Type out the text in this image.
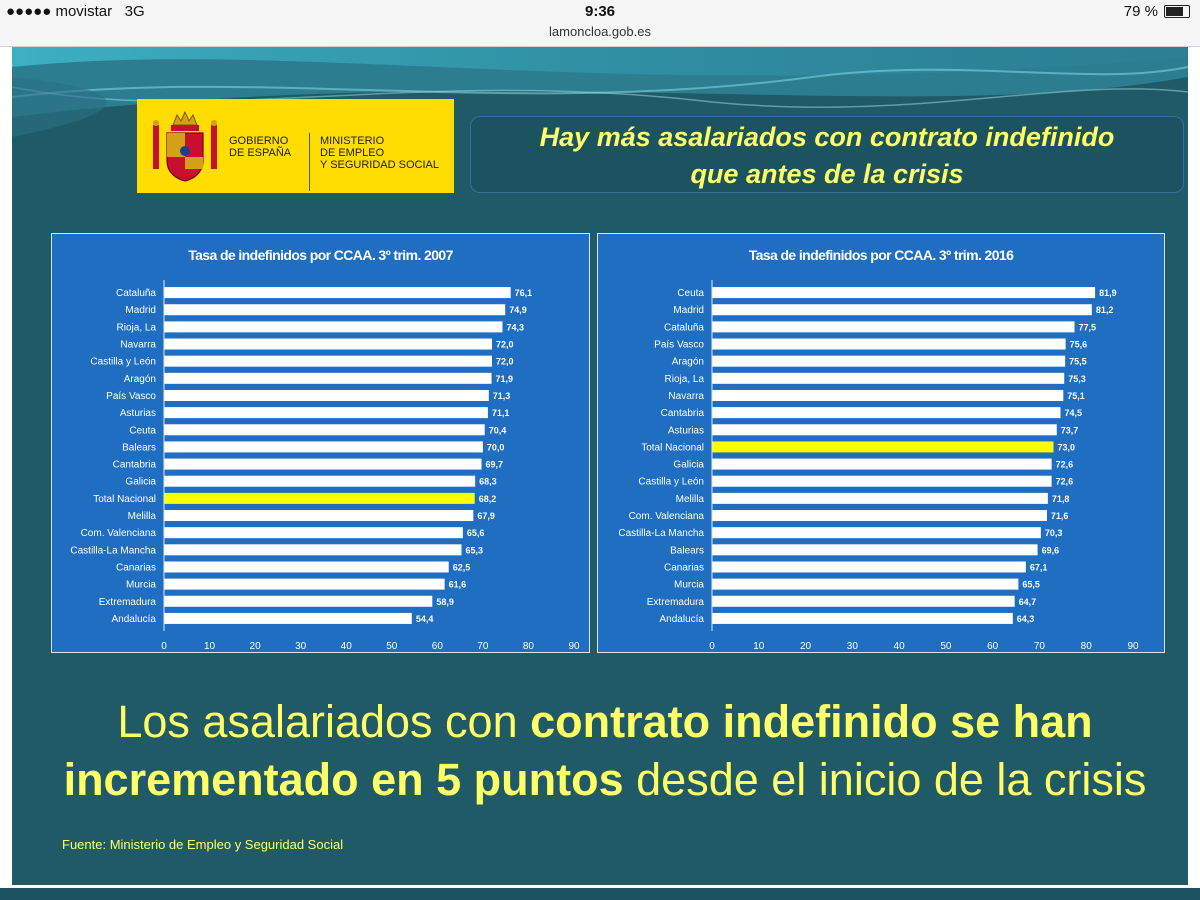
●●●●● movistar 3G	9:36
lamoncloa.gob.es
79 %
GOBIERNO
DE ESPAÑA
MINISTERIO
DE EMPLEO
Y SEGURIDAD SOCIAL
Hay más asalariados con contrato indefinido
que antes de la crisis
Tasa de indefinidos por CCAA. 3º trim. 2007
Cataluña	76,1
Madrid	74,9
Rioja, La	74,3
Navarra	72,0
Castilla y León	72,0
Aragón	71,9
País Vasco	71,3
Asturias	71,1
Ceuta	70,4
Balears	70,0
Cantabria	69,7
Galicia	68,3
Total Nacional	68,2
Melilla	67,9
Com. Valenciana	65,6
Castilla-La Mancha	65,3
Canarias	62,5
Murcia	61,6
Extremadura	58,9
Andalucía	54,4
0	10	20	30	40	50	60	70	80	90
Tasa de indefinidos por CCAA. 3º trim. 2016
Ceuta	81,9
Madrid	81,2
Cataluña	77,5
País Vasco	75,6
Aragón	75,5
Rioja, La	75,3
Navarra	75,1
Cantabria	74,5
Asturias	73,7
Total Nacional	73,0
Galicia	72,6
Castilla y León	72,6
Melilla	71,8
Com. Valenciana	71,6
Castilla-La Mancha	70,3
Balears	69,6
Canarias	67,1
Murcia	65,5
Extremadura	64,7
Andalucía	64,3
0	10	20	30	40	50	60	70	80	90
Los asalariados con contrato indefinido se han incrementado en 5 puntos desde el inicio de la crisis
Fuente: Ministerio de Empleo y Seguridad Social
